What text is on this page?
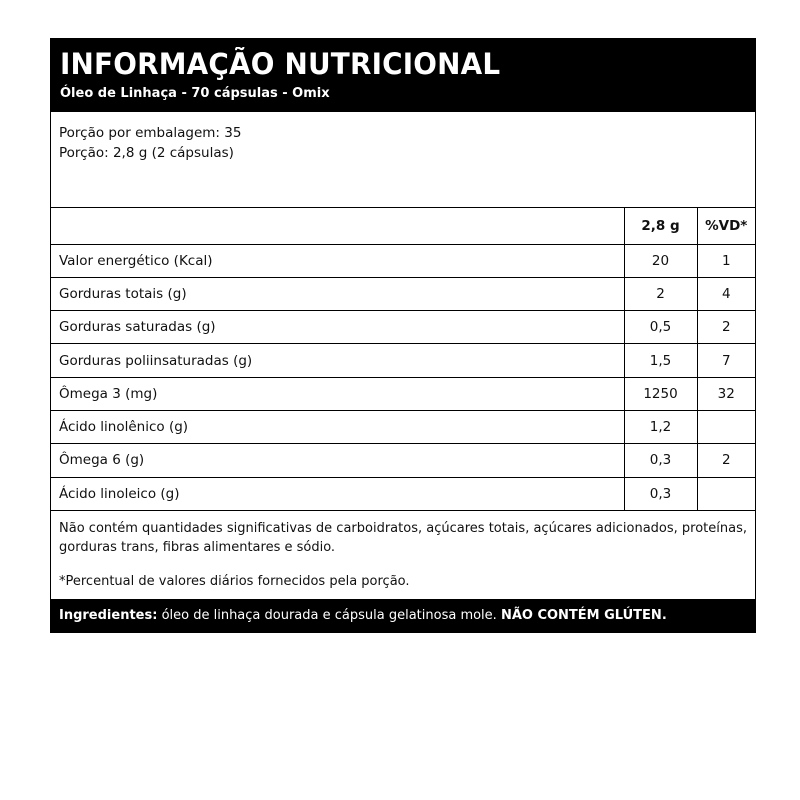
INFORMAÇÃO NUTRICIONAL
Óleo de Linhaça - 70 cápsulas - Omix
Porção por embalagem: 35
Porção: 2,8 g (2 cápsulas)
	2,8 g	%VD*
Valor energético (Kcal)	20	1
Gorduras totais (g)	2	4
Gorduras saturadas (g)	0,5	2
Gorduras poliinsaturadas (g)	1,5	7
Ômega 3 (mg)	1250	32
Ácido linolênico (g)	1,2	
Ômega 6 (g)	0,3	2
Ácido linoleico (g)	0,3	

Não contém quantidades significativas de carboidratos, açúcares totais, açúcares adicionados, proteínas, gorduras trans, fibras alimentares e sódio.

*Percentual de valores diários fornecidos pela porção.

Ingredientes: óleo de linhaça dourada e cápsula gelatinosa mole. NÃO CONTÉM GLÚTEN.
